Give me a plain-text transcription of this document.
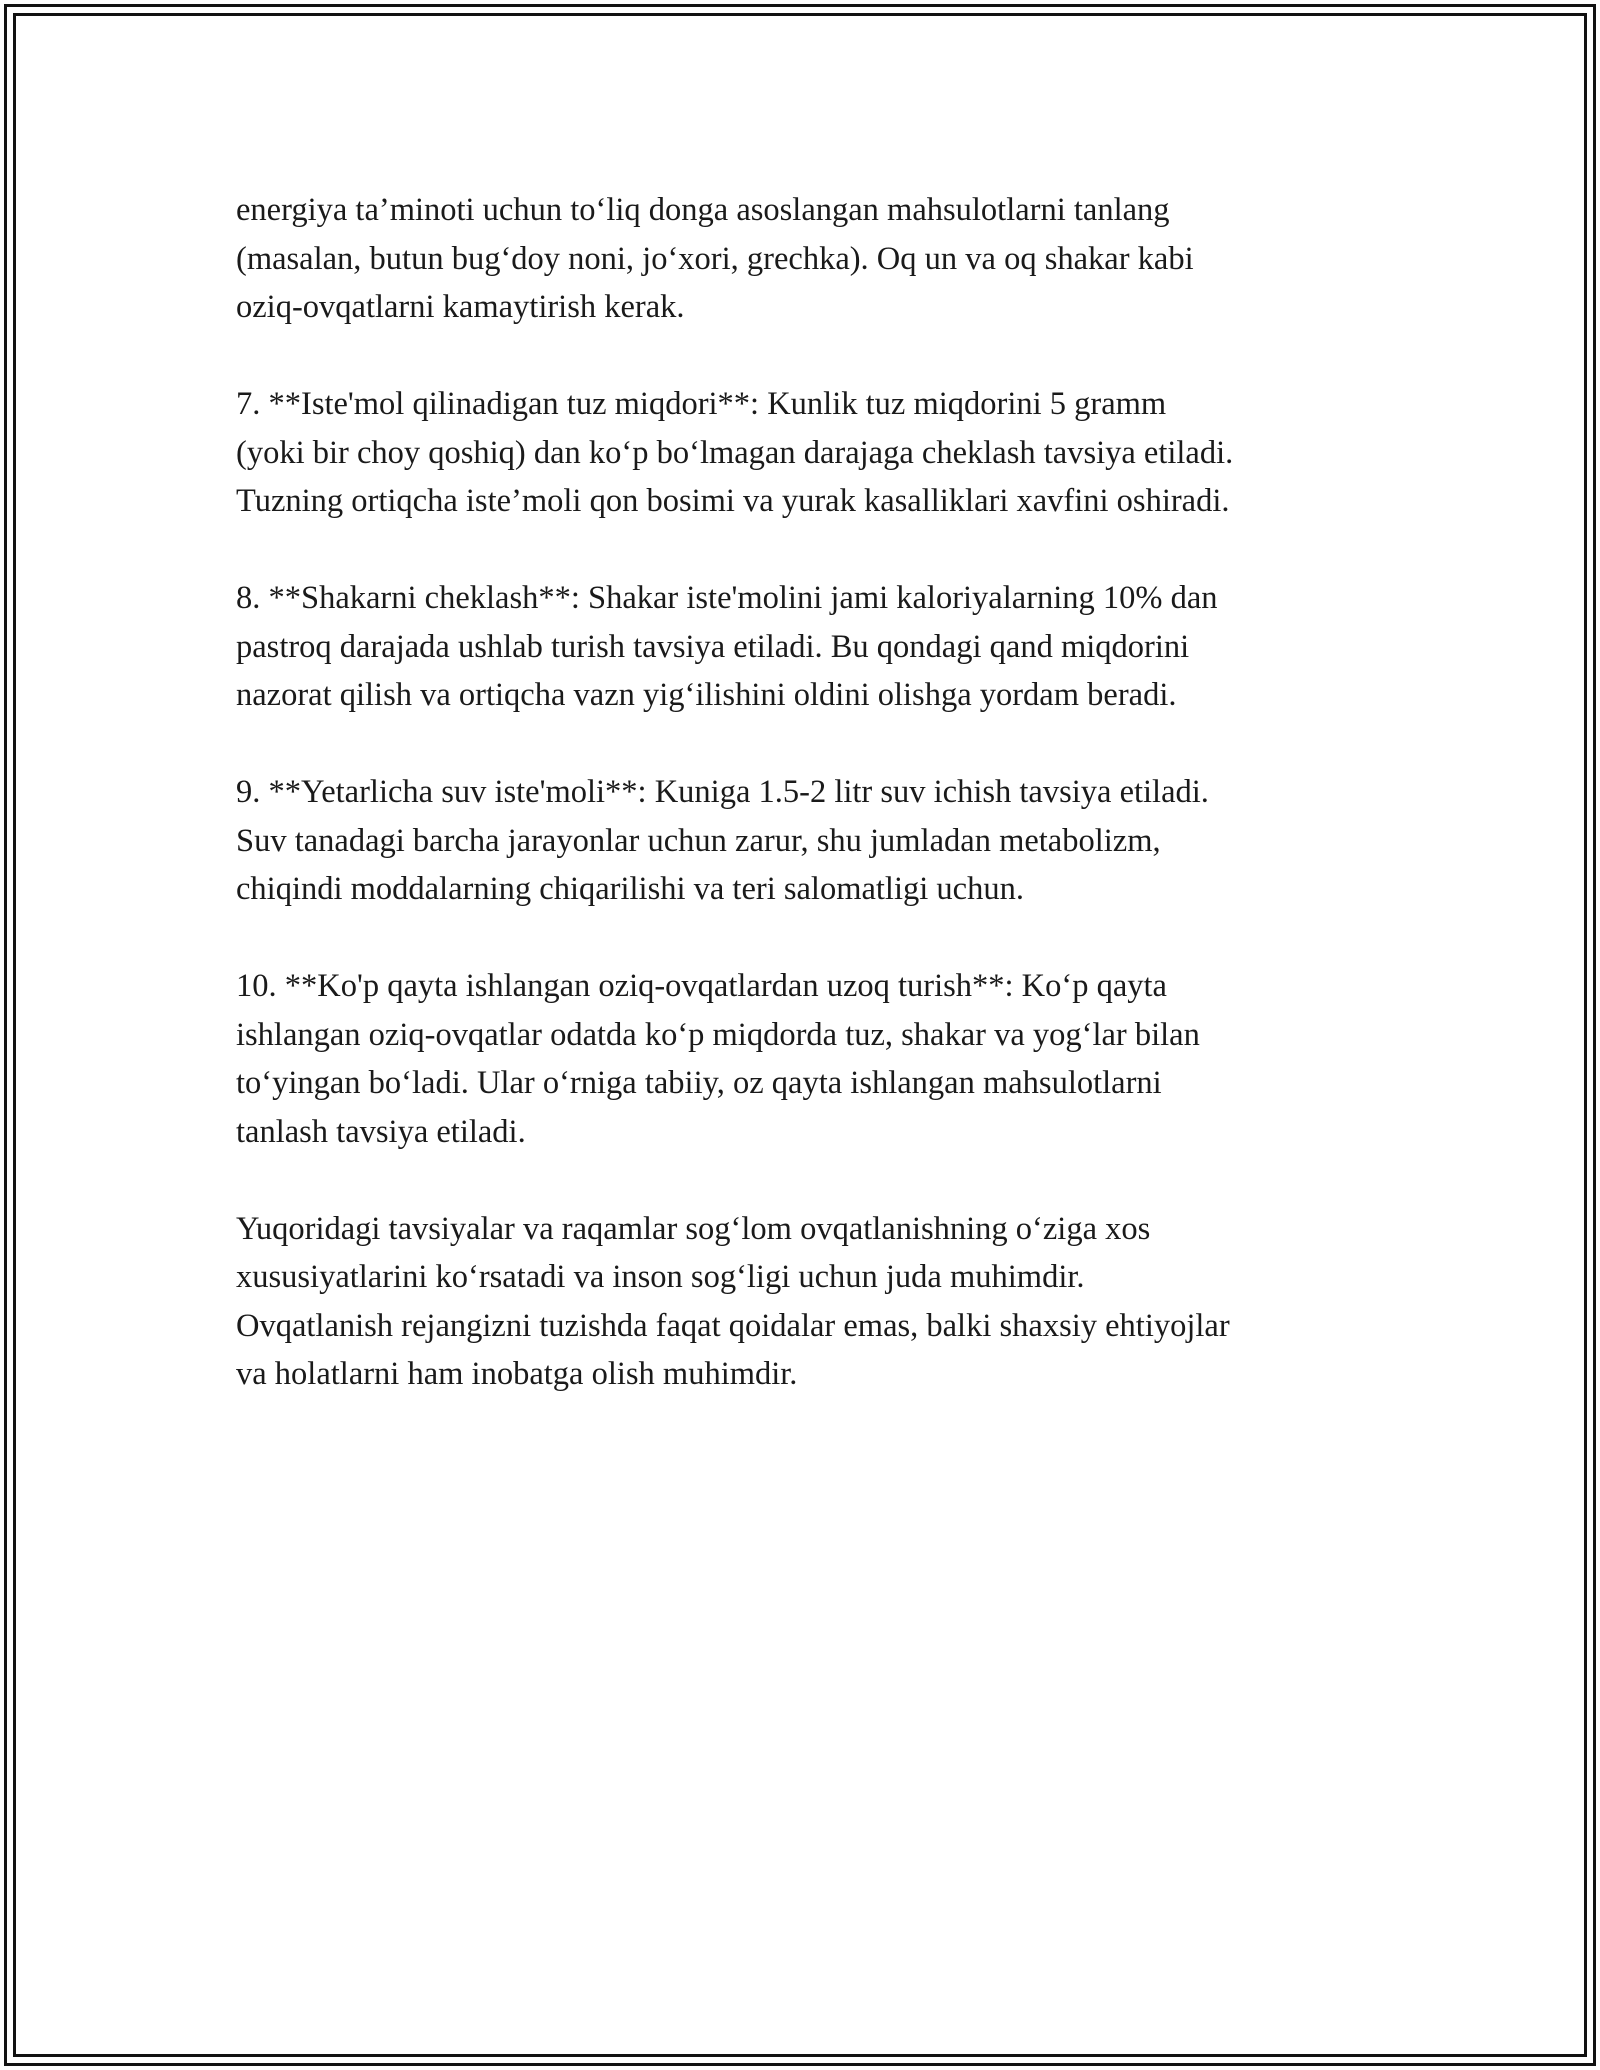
energiya ta’minoti uchun to‘liq donga asoslangan mahsulotlarni tanlang
(masalan, butun bug‘doy noni, jo‘xori, grechka). Oq un va oq shakar kabi
oziq-ovqatlarni kamaytirish kerak.

7. **Iste'mol qilinadigan tuz miqdori**: Kunlik tuz miqdorini 5 gramm
(yoki bir choy qoshiq) dan ko‘p bo‘lmagan darajaga cheklash tavsiya etiladi.
Tuzning ortiqcha iste’moli qon bosimi va yurak kasalliklari xavfini oshiradi.

8. **Shakarni cheklash**: Shakar iste'molini jami kaloriyalarning 10% dan
pastroq darajada ushlab turish tavsiya etiladi. Bu qondagi qand miqdorini
nazorat qilish va ortiqcha vazn yig‘ilishini oldini olishga yordam beradi.

9. **Yetarlicha suv iste'moli**: Kuniga 1.5-2 litr suv ichish tavsiya etiladi.
Suv tanadagi barcha jarayonlar uchun zarur, shu jumladan metabolizm,
chiqindi moddalarning chiqarilishi va teri salomatligi uchun.

10. **Ko'p qayta ishlangan oziq-ovqatlardan uzoq turish**: Ko‘p qayta
ishlangan oziq-ovqatlar odatda ko‘p miqdorda tuz, shakar va yog‘lar bilan
to‘yingan bo‘ladi. Ular o‘rniga tabiiy, oz qayta ishlangan mahsulotlarni
tanlash tavsiya etiladi.

Yuqoridagi tavsiyalar va raqamlar sog‘lom ovqatlanishning o‘ziga xos
xususiyatlarini ko‘rsatadi va inson sog‘ligi uchun juda muhimdir.
Ovqatlanish rejangizni tuzishda faqat qoidalar emas, balki shaxsiy ehtiyojlar
va holatlarni ham inobatga olish muhimdir.
